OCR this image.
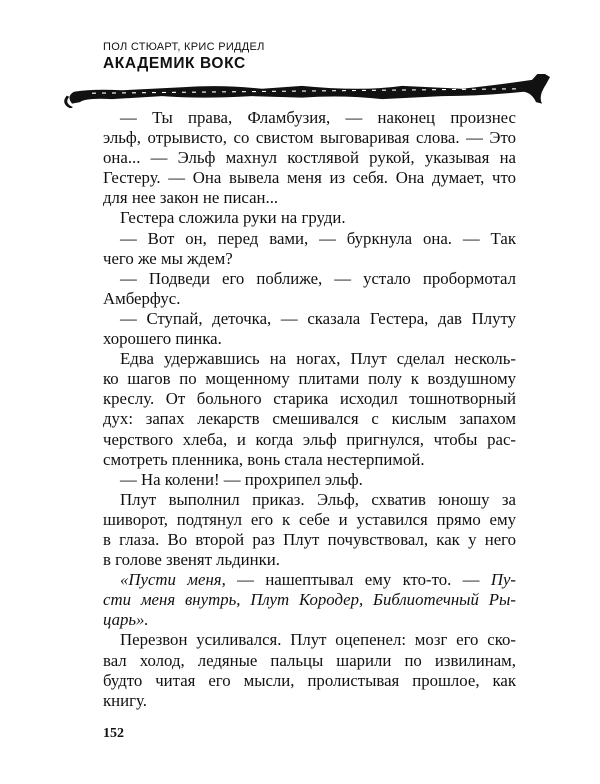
ПОЛ СТЮАРТ, КРИС РИДДЕЛ
АКАДЕМИК ВОКС
— Ты права, Фламбузия, — наконец произнес
эльф, отрывисто, со свистом выговаривая слова. — Это
она... — Эльф махнул костлявой рукой, указывая на
Гестеру. — Она вывела меня из себя. Она думает, что
для нее закон не писан...
Гестера сложила руки на груди.
— Вот он, перед вами, — буркнула она. — Так
чего же мы ждем?
— Подведи его поближе, — устало пробормотал
Амберфус.
— Ступай, деточка, — сказала Гестера, дав Плуту
хорошего пинка.
Едва удержавшись на ногах, Плут сделал несколь-
ко шагов по мощенному плитами полу к воздушному
креслу. От больного старика исходил тошнотворный
дух: запах лекарств смешивался с кислым запахом
черствого хлеба, и когда эльф пригнулся, чтобы рас-
смотреть пленника, вонь стала нестерпимой.
— На колени! — прохрипел эльф.
Плут выполнил приказ. Эльф, схватив юношу за
шиворот, подтянул его к себе и уставился прямо ему
в глаза. Во второй раз Плут почувствовал, как у него
в голове звенят льдинки.
«Пусти меня, — нашептывал ему кто-то. — Пу-
сти меня внутрь, Плут Кородер, Библиотечный Ры-
царь».
Перезвон усиливался. Плут оцепенел: мозг его ско-
вал холод, ледяные пальцы шарили по извилинам,
будто читая его мысли, пролистывая прошлое, как
книгу.
152
